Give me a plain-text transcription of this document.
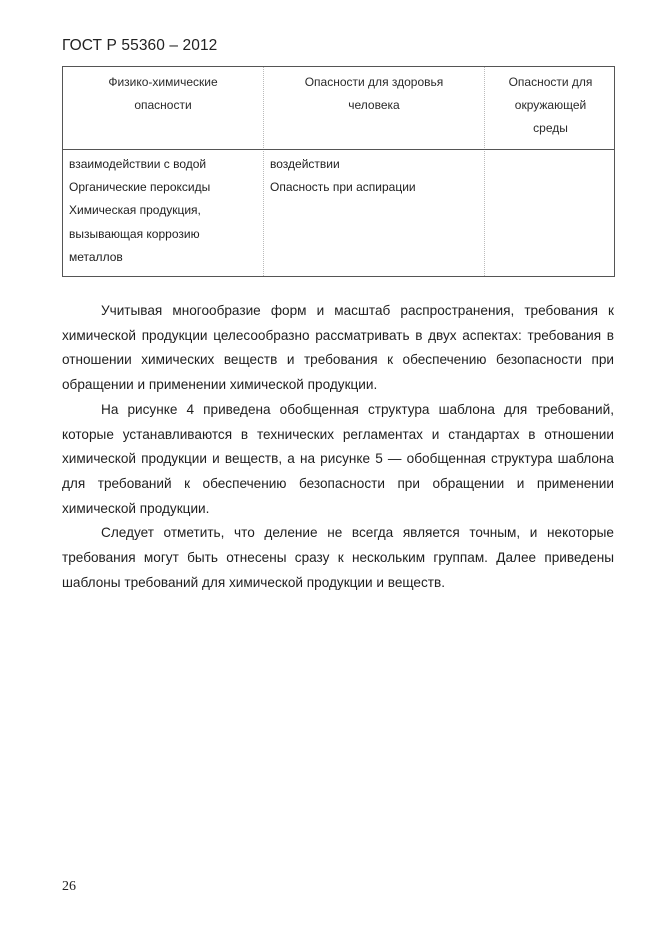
ГОСТ Р 55360 – 2012
Физико-химические
опасности
Опасности для здоровья
человека
Опасности для
окружающей
среды
взаимодействии с водой
Органические пероксиды
Химическая продукция,
вызывающая коррозию
металлов
воздействии
Опасность при аспирации

Учитывая многообразие форм и масштаб распространения, требования к химической продукции целесообразно рассматривать в двух аспектах: требования в отношении химических веществ и требования к обеспечению безопасности при обращении и применении химической продукции.

На рисунке 4 приведена обобщенная структура шаблона для требований, которые устанавливаются в технических регламентах и стандартах в отношении химической продукции и веществ, а на рисунке 5 — обобщенная структура шаблона для требований к обеспечению безопасности при обращении и применении химической продукции.

Следует отметить, что деление не всегда является точным, и некоторые требования могут быть отнесены сразу к нескольким группам. Далее приведены шаблоны требований для химической продукции и веществ.

26
